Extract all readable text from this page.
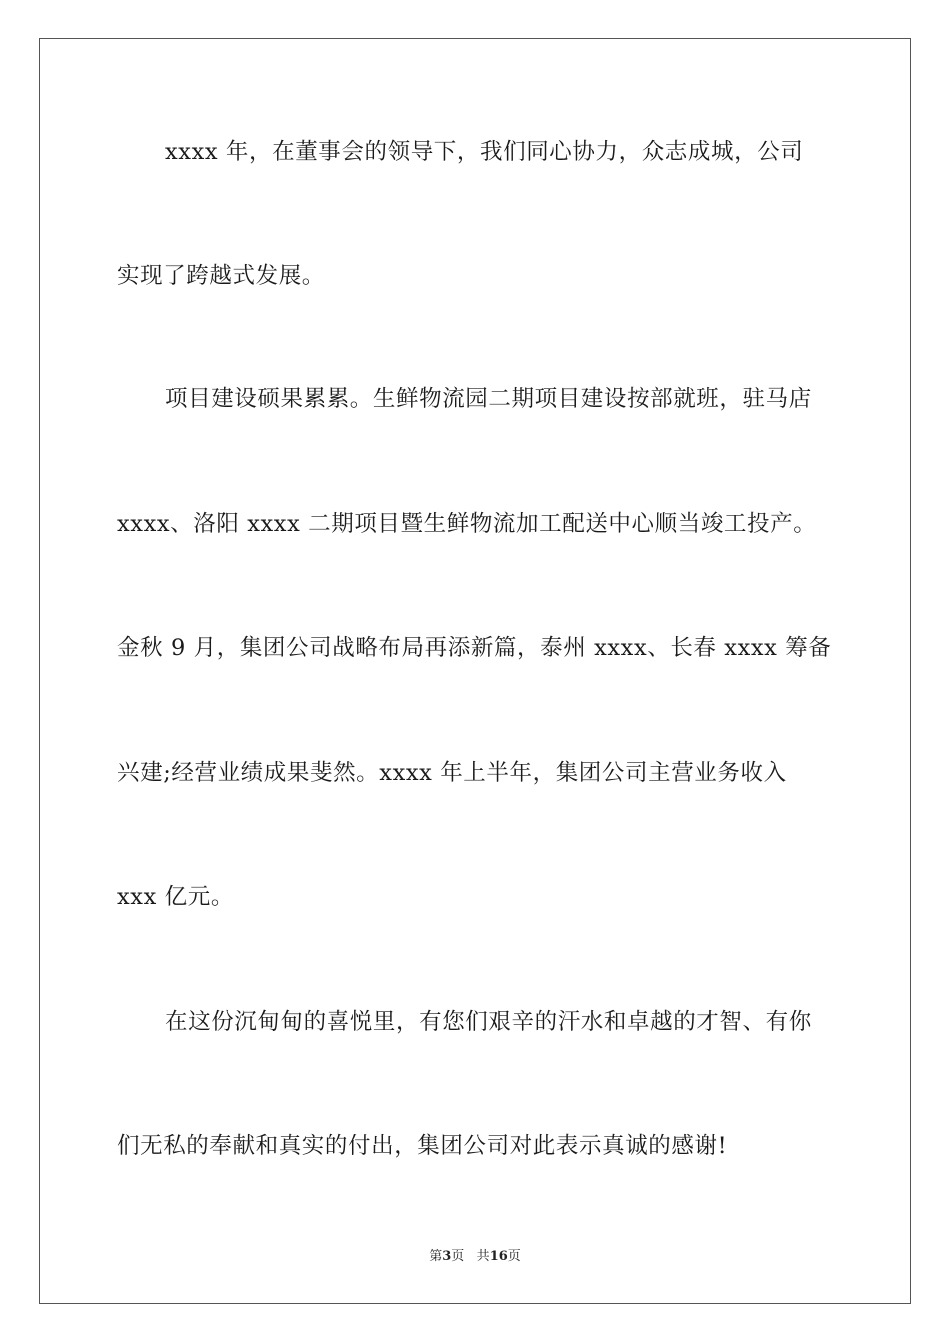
xxxx 年，在董事会的领导下，我们同心协力，众志成城，公司
实现了跨越式发展。
项目建设硕果累累。生鲜物流园二期项目建设按部就班，驻马店
xxxx、洛阳 xxxx 二期项目暨生鲜物流加工配送中心顺当竣工投产。
金秋 9 月，集团公司战略布局再添新篇，泰州 xxxx、长春 xxxx 筹备
兴建;经营业绩成果斐然。xxxx 年上半年，集团公司主营业务收入
xxx 亿元。
在这份沉甸甸的喜悦里，有您们艰辛的汗水和卓越的才智、有你
们无私的奉献和真实的付出，集团公司对此表示真诚的感谢!
第3页 共16页
